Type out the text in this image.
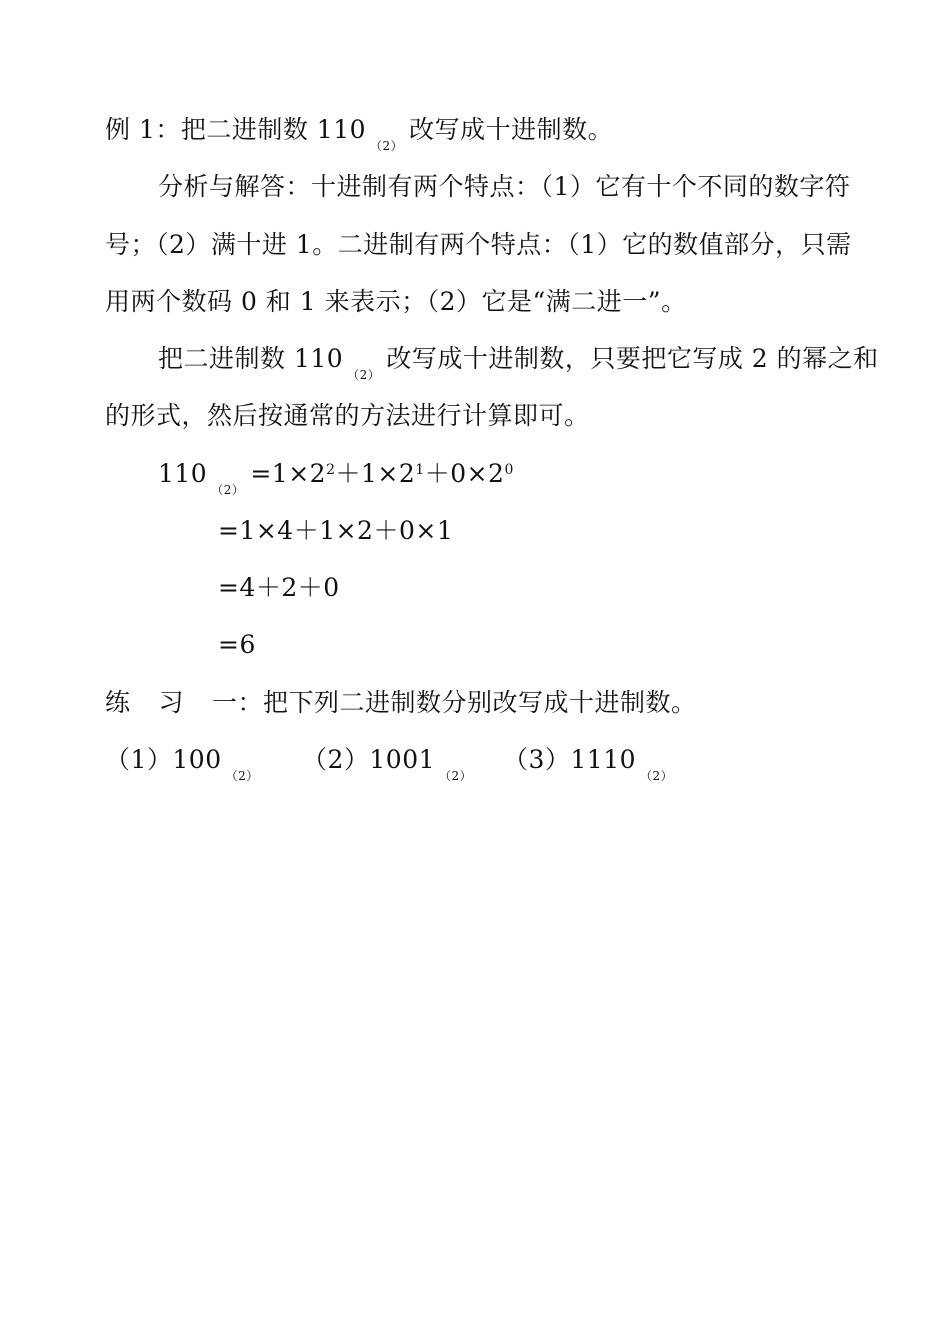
例 1：把二进制数 $110_{(2)}$改写成十进制数。
分析与解答：十进制有两个特点：（1）它有十个不同的数字符
号；（2）满十进 1。二进制有两个特点：（1）它的数值部分，只需
用两个数码 0 和 1 来表示；（2）它是“满二进一”。
把二进制数 $110_{(2)}$改写成十进制数，只要把它写成 2 的幂之和
的形式，然后按通常的方法进行计算即可。
$110_{(2)}=1\times 2^2+1\times 2^1+0\times 2^0$
=1×4＋1×2＋0×1
=4＋2＋0
=6
练 习 一：把下列二进制数分别改写成十进制数。
$(1)100_{(2)}$
$(2)1001_{(2)}$
$(3)1110_{(2)}$
